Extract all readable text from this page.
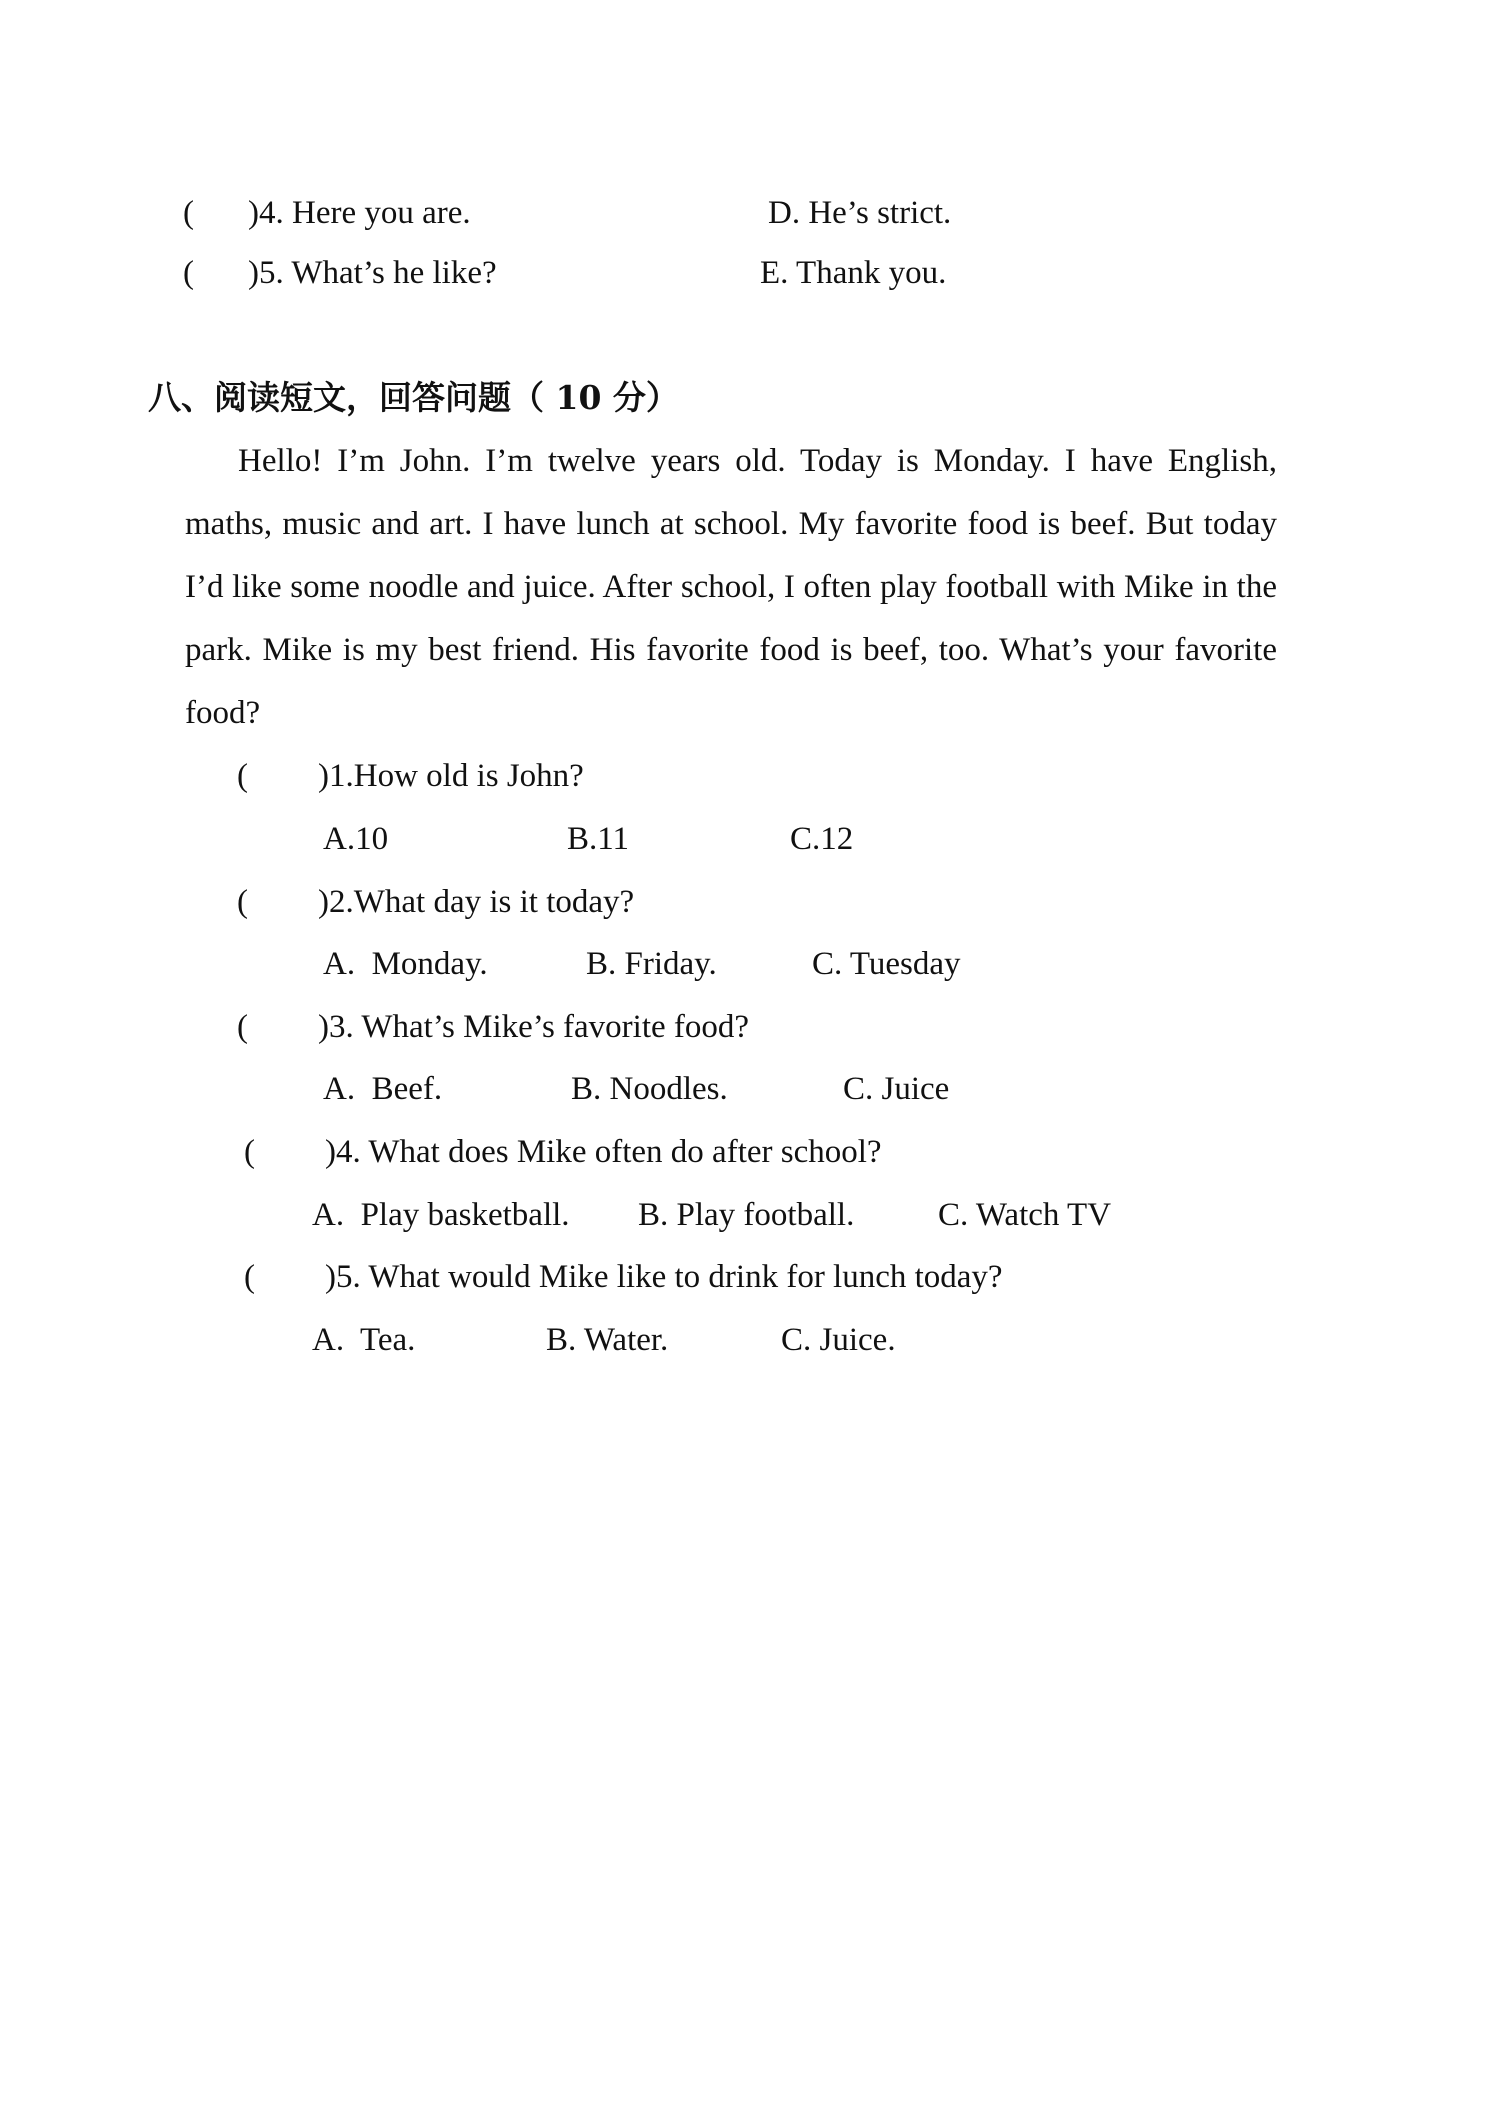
( )4. Here you are.	D. He’s strict.
( )5. What’s he like?	E. Thank you.
八、阅读短文，回答问题（ 10 分）
Hello! I’m John. I’m twelve years old. Today is Monday. I have English, maths, music and art. I have lunch at school. My favorite food is beef. But today I’d like some noodle and juice. After school, I often play football with Mike in the park. Mike is my best friend. His favorite food is beef, too. What’s your favorite food?
( )1.How old is John?
A.10	B.11	C.12
( )2.What day is it today?
A.  Monday.	B. Friday.	C. Tuesday
( )3. What’s Mike’s favorite food?
A.  Beef.	B. Noodles.	C. Juice
( )4. What does Mike often do after school?
A.  Play basketball. B. Play football.	C. Watch TV
( )5. What would Mike like to drink for lunch today?
A.  Tea.	B. Water.	C. Juice.
